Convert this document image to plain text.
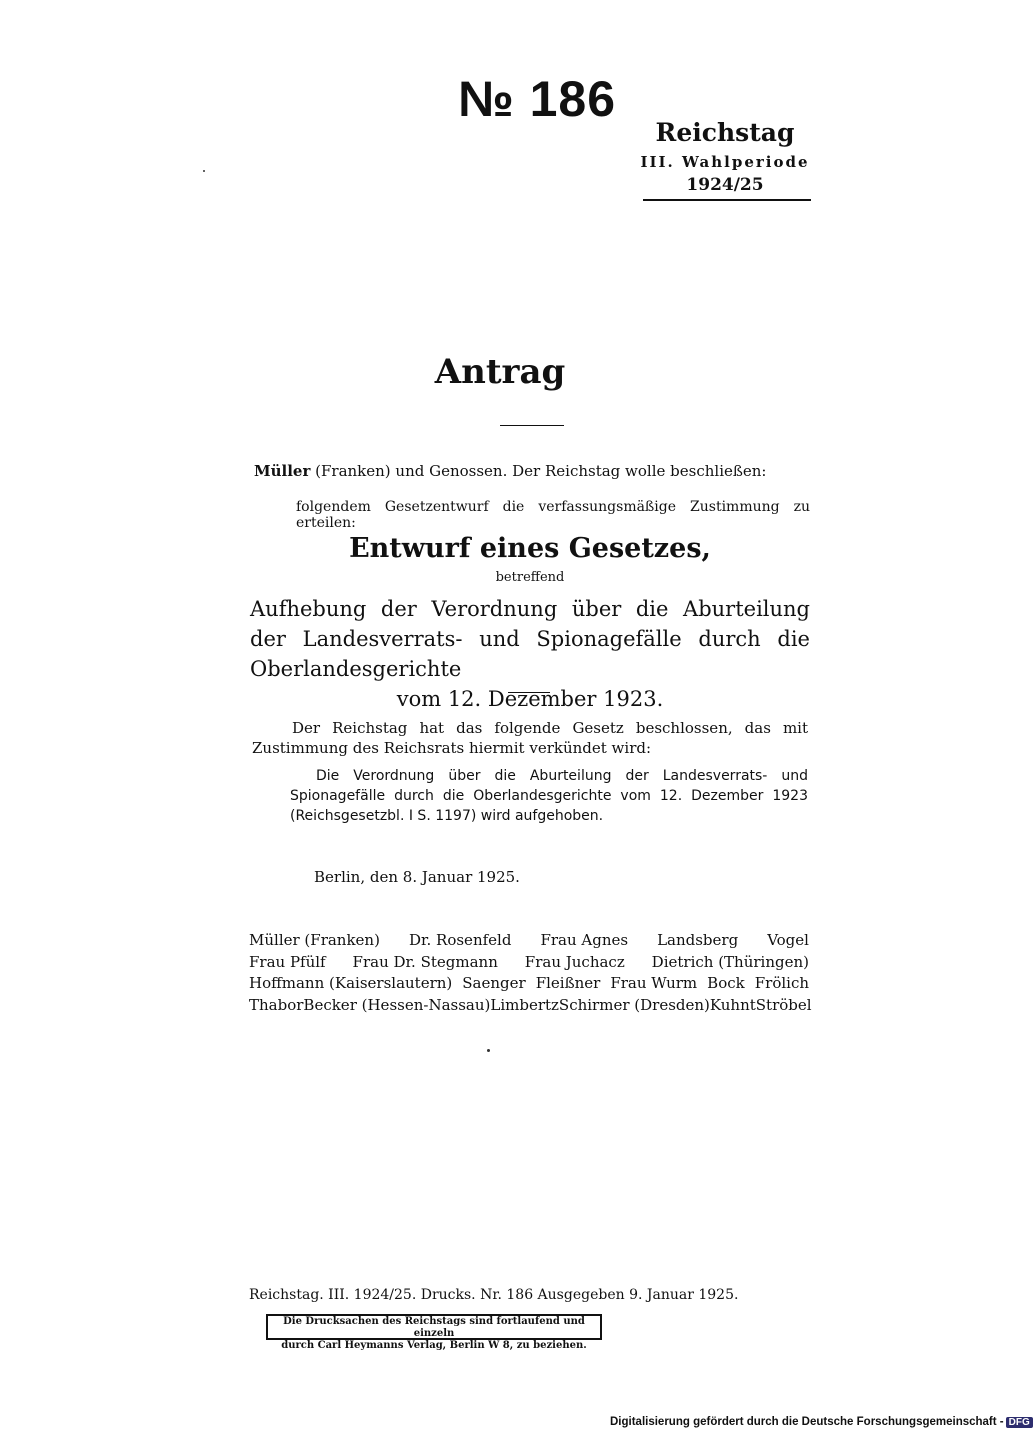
№ 186
Reichstag
III. Wahlperiode
1924/25
Antrag
Müller (Franken) und Genossen. Der Reichstag wolle beschließen:
folgendem Gesetzentwurf die verfassungsmäßige Zustimmung zu erteilen:
Entwurf eines Gesetzes,
betreffend
Aufhebung der Verordnung über die Aburteilung der Landesverrats- und Spionagefälle durch die Oberlandesgerichte
vom 12. Dezember 1923.
Der Reichstag hat das folgende Gesetz beschlossen, das mit Zustimmung des Reichsrats hiermit verkündet wird:
Die Verordnung über die Aburteilung der Landesverrats- und Spionagefälle durch die Oberlandesgerichte vom 12. Dezember 1923 (Reichsgesetzbl. I S. 1197) wird aufgehoben.
Berlin, den 8. Januar 1925.
Müller (Franken) Dr. Rosenfeld Frau Agnes Landsberg Vogel
Frau Pfülf Frau Dr. Stegmann Frau Juchacz Dietrich (Thüringen)
Hoffmann (Kaiserslautern) Saenger Fleißner Frau Wurm Bock Frölich
Thabor Becker (Hessen-Nassau) Limbertz Schirmer (Dresden) Kuhnt Ströbel
Reichstag. III. 1924/25. Drucks. Nr. 186 Ausgegeben 9. Januar 1925.
Die Drucksachen des Reichstags sind fortlaufend und einzeln
durch Carl Heymanns Verlag, Berlin W 8, zu beziehen.
Digitalisierung gefördert durch die Deutsche Forschungsgemeinschaft - DFG
